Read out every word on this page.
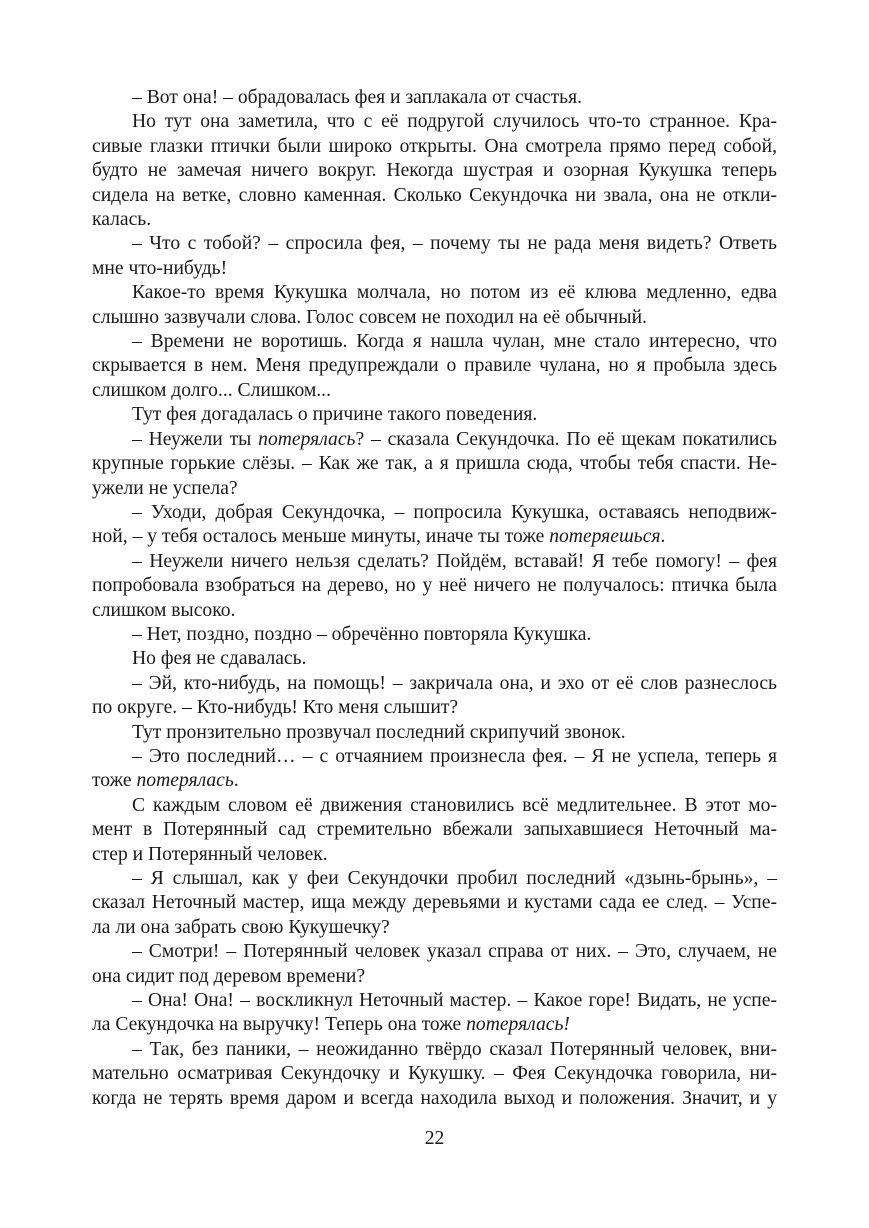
– Вот она! – обрадовалась фея и заплакала от счастья.
Но тут она заметила, что с её подругой случилось что-то странное. Кра-
сивые глазки птички были широко открыты. Она смотрела прямо перед собой,
будто не замечая ничего вокруг. Некогда шустрая и озорная Кукушка теперь
сидела на ветке, словно каменная. Сколько Секундочка ни звала, она не откли-
калась.
– Что с тобой? – спросила фея, – почему ты не рада меня видеть? Ответь
мне что-нибудь!
Какое-то время Кукушка молчала, но потом из её клюва медленно, едва
слышно зазвучали слова. Голос совсем не походил на её обычный.
– Времени не воротишь. Когда я нашла чулан, мне стало интересно, что
скрывается в нем. Меня предупреждали о правиле чулана, но я пробыла здесь
слишком долго... Слишком...
Тут фея догадалась о причине такого поведения.
– Неужели ты потерялась? – сказала Секундочка. По её щекам покатились
крупные горькие слёзы. – Как же так, а я пришла сюда, чтобы тебя спасти. Не-
ужели не успела?
– Уходи, добрая Секундочка, – попросила Кукушка, оставаясь неподвиж-
ной, – у тебя осталось меньше минуты, иначе ты тоже потеряешься.
– Неужели ничего нельзя сделать? Пойдём, вставай! Я тебе помогу! – фея
попробовала взобраться на дерево, но у неё ничего не получалось: птичка была
слишком высоко.
– Нет, поздно, поздно – обречённо повторяла Кукушка.
Но фея не сдавалась.
– Эй, кто-нибудь, на помощь! – закричала она, и эхо от её слов разнеслось
по округе. – Кто-нибудь! Кто меня слышит?
Тут пронзительно прозвучал последний скрипучий звонок.
– Это последний… – с отчаянием произнесла фея. – Я не успела, теперь я
тоже потерялась.
С каждым словом её движения становились всё медлительнее. В этот мо-
мент в Потерянный сад стремительно вбежали запыхавшиеся Неточный ма-
стер и Потерянный человек.
– Я слышал, как у феи Секундочки пробил последний «дзынь-брынь», –
сказал Неточный мастер, ища между деревьями и кустами сада ее след. – Успе-
ла ли она забрать свою Кукушечку?
– Смотри! – Потерянный человек указал справа от них. – Это, случаем, не
она сидит под деревом времени?
– Она! Она! – воскликнул Неточный мастер. – Какое горе! Видать, не успе-
ла Секундочка на выручку! Теперь она тоже потерялась!
– Так, без паники, – неожиданно твёрдо сказал Потерянный человек, вни-
мательно осматривая Секундочку и Кукушку. – Фея Секундочка говорила, ни-
когда не терять время даром и всегда находила выход и положения. Значит, и у
22
